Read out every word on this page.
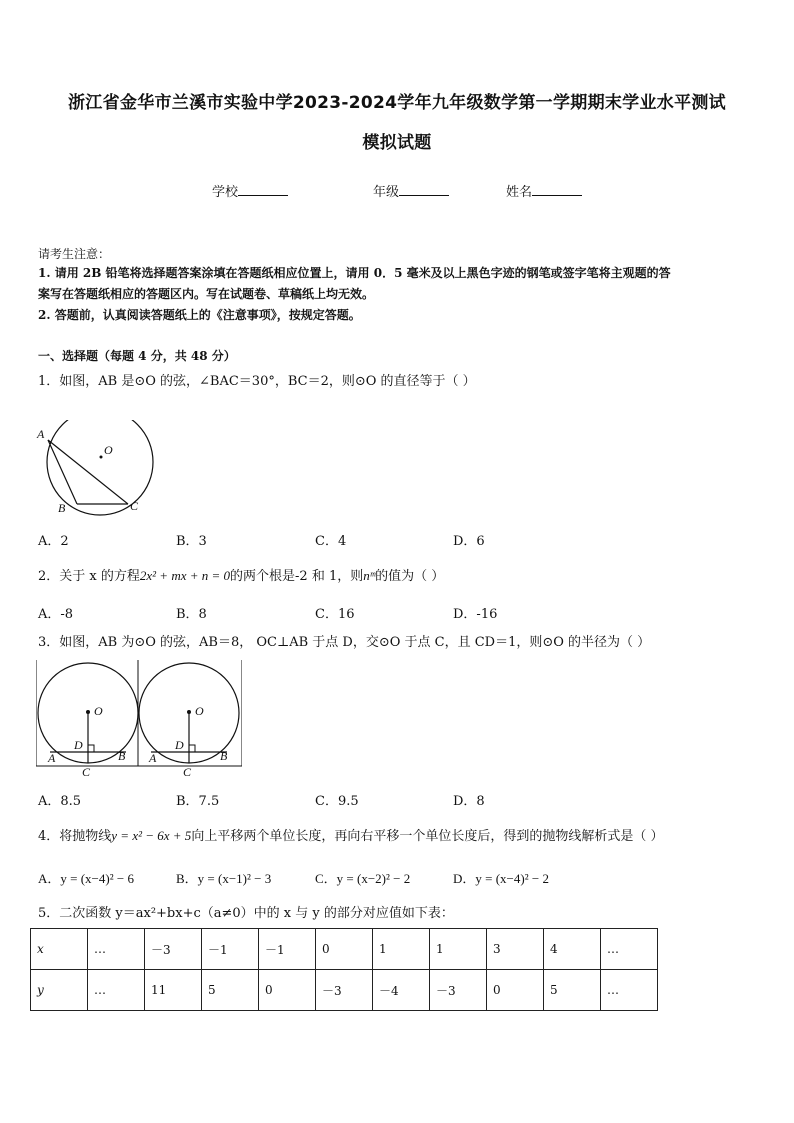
浙江省金华市兰溪市实验中学2023-2024学年九年级数学第一学期期末学业水平测试
模拟试题
学校	年级	姓名
请考生注意：
1. 请用 2B 铅笔将选择题答案涂填在答题纸相应位置上，请用 0．5 毫米及以上黑色字迹的钢笔或签字笔将主观题的答
案写在答题纸相应的答题区内。写在试题卷、草稿纸上均无效。
2. 答题前，认真阅读答题纸上的《注意事项》，按规定答题。
一、选择题（每题 4 分，共 48 分）
1．如图，AB 是⊙O 的弦，∠BAC＝30°，BC＝2，则⊙O 的直径等于（ ）
A
O
B	C
A．2	B．3	C．4	D．6
2．关于 x 的方程2x² + mx + n = 0的两个根是-2 和 1，则nᵐ的值为（ ）
A．-8	B．8	C．16	D．-16
3．如图，AB 为⊙O 的弦，AB＝8， OC⊥AB 于点 D，交⊙O 于点 C，且 CD＝1，则⊙O 的半径为（ ）
O
D
A	B
C
O
D
A	B
C
A．8.5	B．7.5	C．9.5	D．8
4．将抛物线y = x² − 6x + 5向上平移两个单位长度，再向右平移一个单位长度后，得到的抛物线解析式是（ ）
A．y = (x−4)² − 6	B．y = (x−1)² − 3	C．y = (x−2)² − 2	D．y = (x−4)² − 2
5．二次函数 y＝ax²+bx+c（a≠0）中的 x 与 y 的部分对应值如下表：
x	…	－3	－1	－1	0	1	1	3	4	…
y	…	11	5	0	－3	－4	－3	0	5	…
